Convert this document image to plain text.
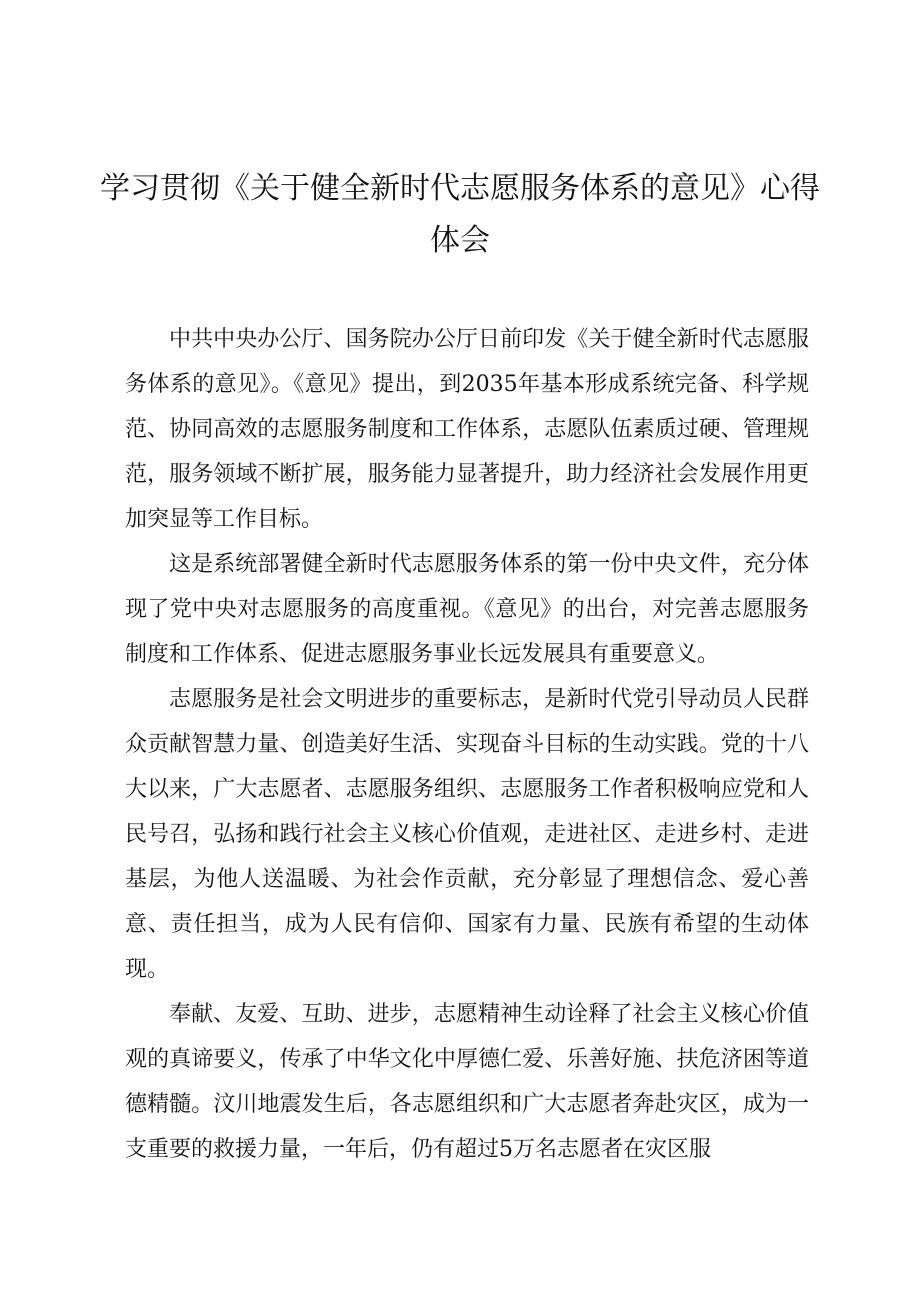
学习贯彻《关于健全新时代志愿服务体系的意见》心得
体会

中共中央办公厅、国务院办公厅日前印发《关于健全新时代志愿服务体系的意见》。《意见》提出，到2035年基本形成系统完备、科学规范、协同高效的志愿服务制度和工作体系，志愿队伍素质过硬、管理规范，服务领域不断扩展，服务能力显著提升，助力经济社会发展作用更加突显等工作目标。

这是系统部署健全新时代志愿服务体系的第一份中央文件，充分体现了党中央对志愿服务的高度重视。《意见》的出台，对完善志愿服务制度和工作体系、促进志愿服务事业长远发展具有重要意义。

志愿服务是社会文明进步的重要标志，是新时代党引导动员人民群众贡献智慧力量、创造美好生活、实现奋斗目标的生动实践。党的十八大以来，广大志愿者、志愿服务组织、志愿服务工作者积极响应党和人民号召，弘扬和践行社会主义核心价值观，走进社区、走进乡村、走进基层，为他人送温暖、为社会作贡献，充分彰显了理想信念、爱心善意、责任担当，成为人民有信仰、国家有力量、民族有希望的生动体现。

奉献、友爱、互助、进步，志愿精神生动诠释了社会主义核心价值观的真谛要义，传承了中华文化中厚德仁爱、乐善好施、扶危济困等道德精髓。汶川地震发生后，各志愿组织和广大志愿者奔赴灾区，成为一支重要的救援力量，一年后，仍有超过5万名志愿者在灾区服
